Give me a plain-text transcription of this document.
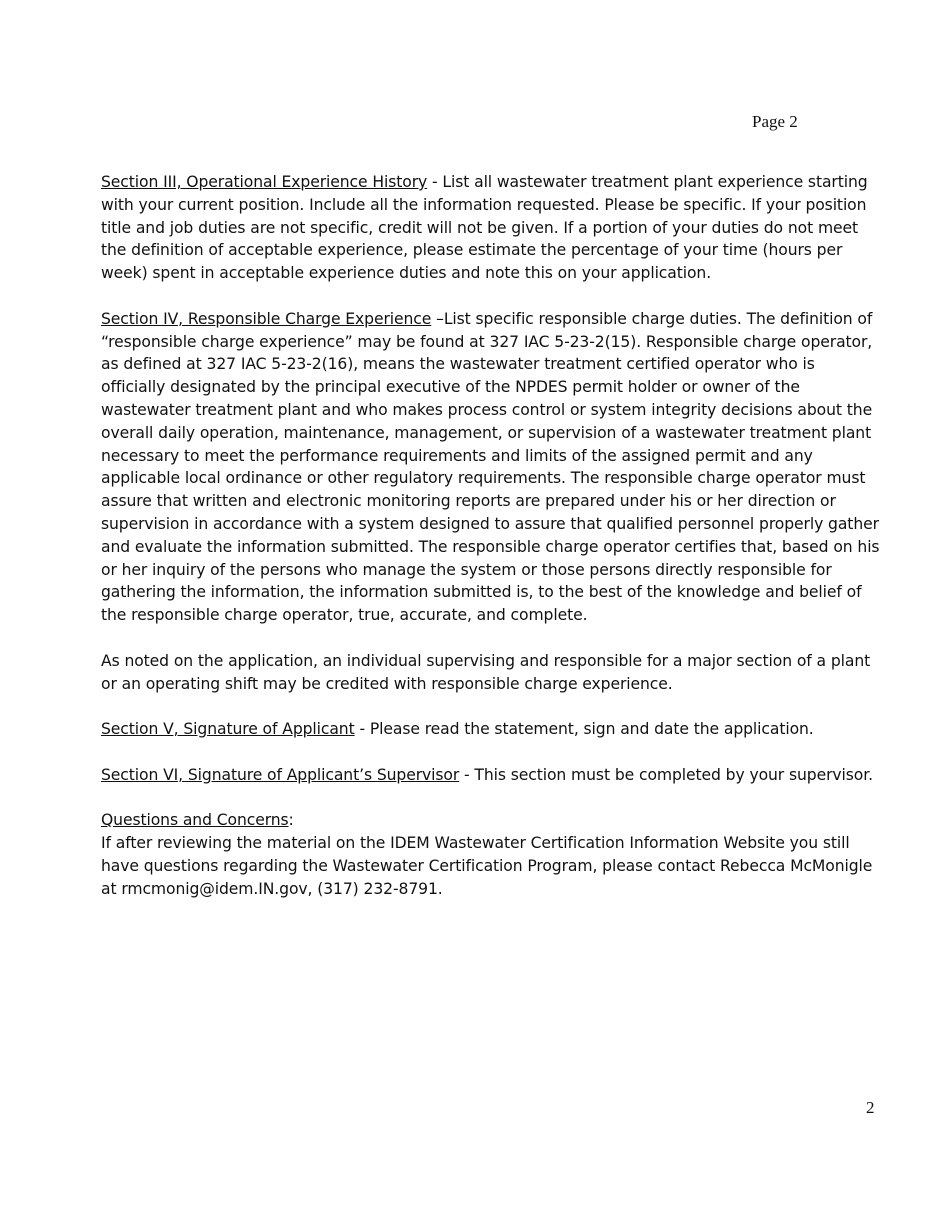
Page 2

Section III, Operational Experience History - List all wastewater treatment plant experience starting with your current position. Include all the information requested. Please be specific. If your position title and job duties are not specific, credit will not be given. If a portion of your duties do not meet the definition of acceptable experience, please estimate the percentage of your time (hours per week) spent in acceptable experience duties and note this on your application.

Section IV, Responsible Charge Experience –List specific responsible charge duties. The definition of “responsible charge experience” may be found at 327 IAC 5-23-2(15). Responsible charge operator, as defined at 327 IAC 5-23-2(16), means the wastewater treatment certified operator who is officially designated by the principal executive of the NPDES permit holder or owner of the wastewater treatment plant and who makes process control or system integrity decisions about the overall daily operation, maintenance, management, or supervision of a wastewater treatment plant necessary to meet the performance requirements and limits of the assigned permit and any applicable local ordinance or other regulatory requirements. The responsible charge operator must assure that written and electronic monitoring reports are prepared under his or her direction or supervision in accordance with a system designed to assure that qualified personnel properly gather and evaluate the information submitted. The responsible charge operator certifies that, based on his or her inquiry of the persons who manage the system or those persons directly responsible for gathering the information, the information submitted is, to the best of the knowledge and belief of the responsible charge operator, true, accurate, and complete.

As noted on the application, an individual supervising and responsible for a major section of a plant or an operating shift may be credited with responsible charge experience.

Section V, Signature of Applicant - Please read the statement, sign and date the application.

Section VI, Signature of Applicant’s Supervisor - This section must be completed by your supervisor.

Questions and Concerns:
If after reviewing the material on the IDEM Wastewater Certification Information Website you still have questions regarding the Wastewater Certification Program, please contact Rebecca McMonigle at rmcmonig@idem.IN.gov, (317) 232-8791.

2
